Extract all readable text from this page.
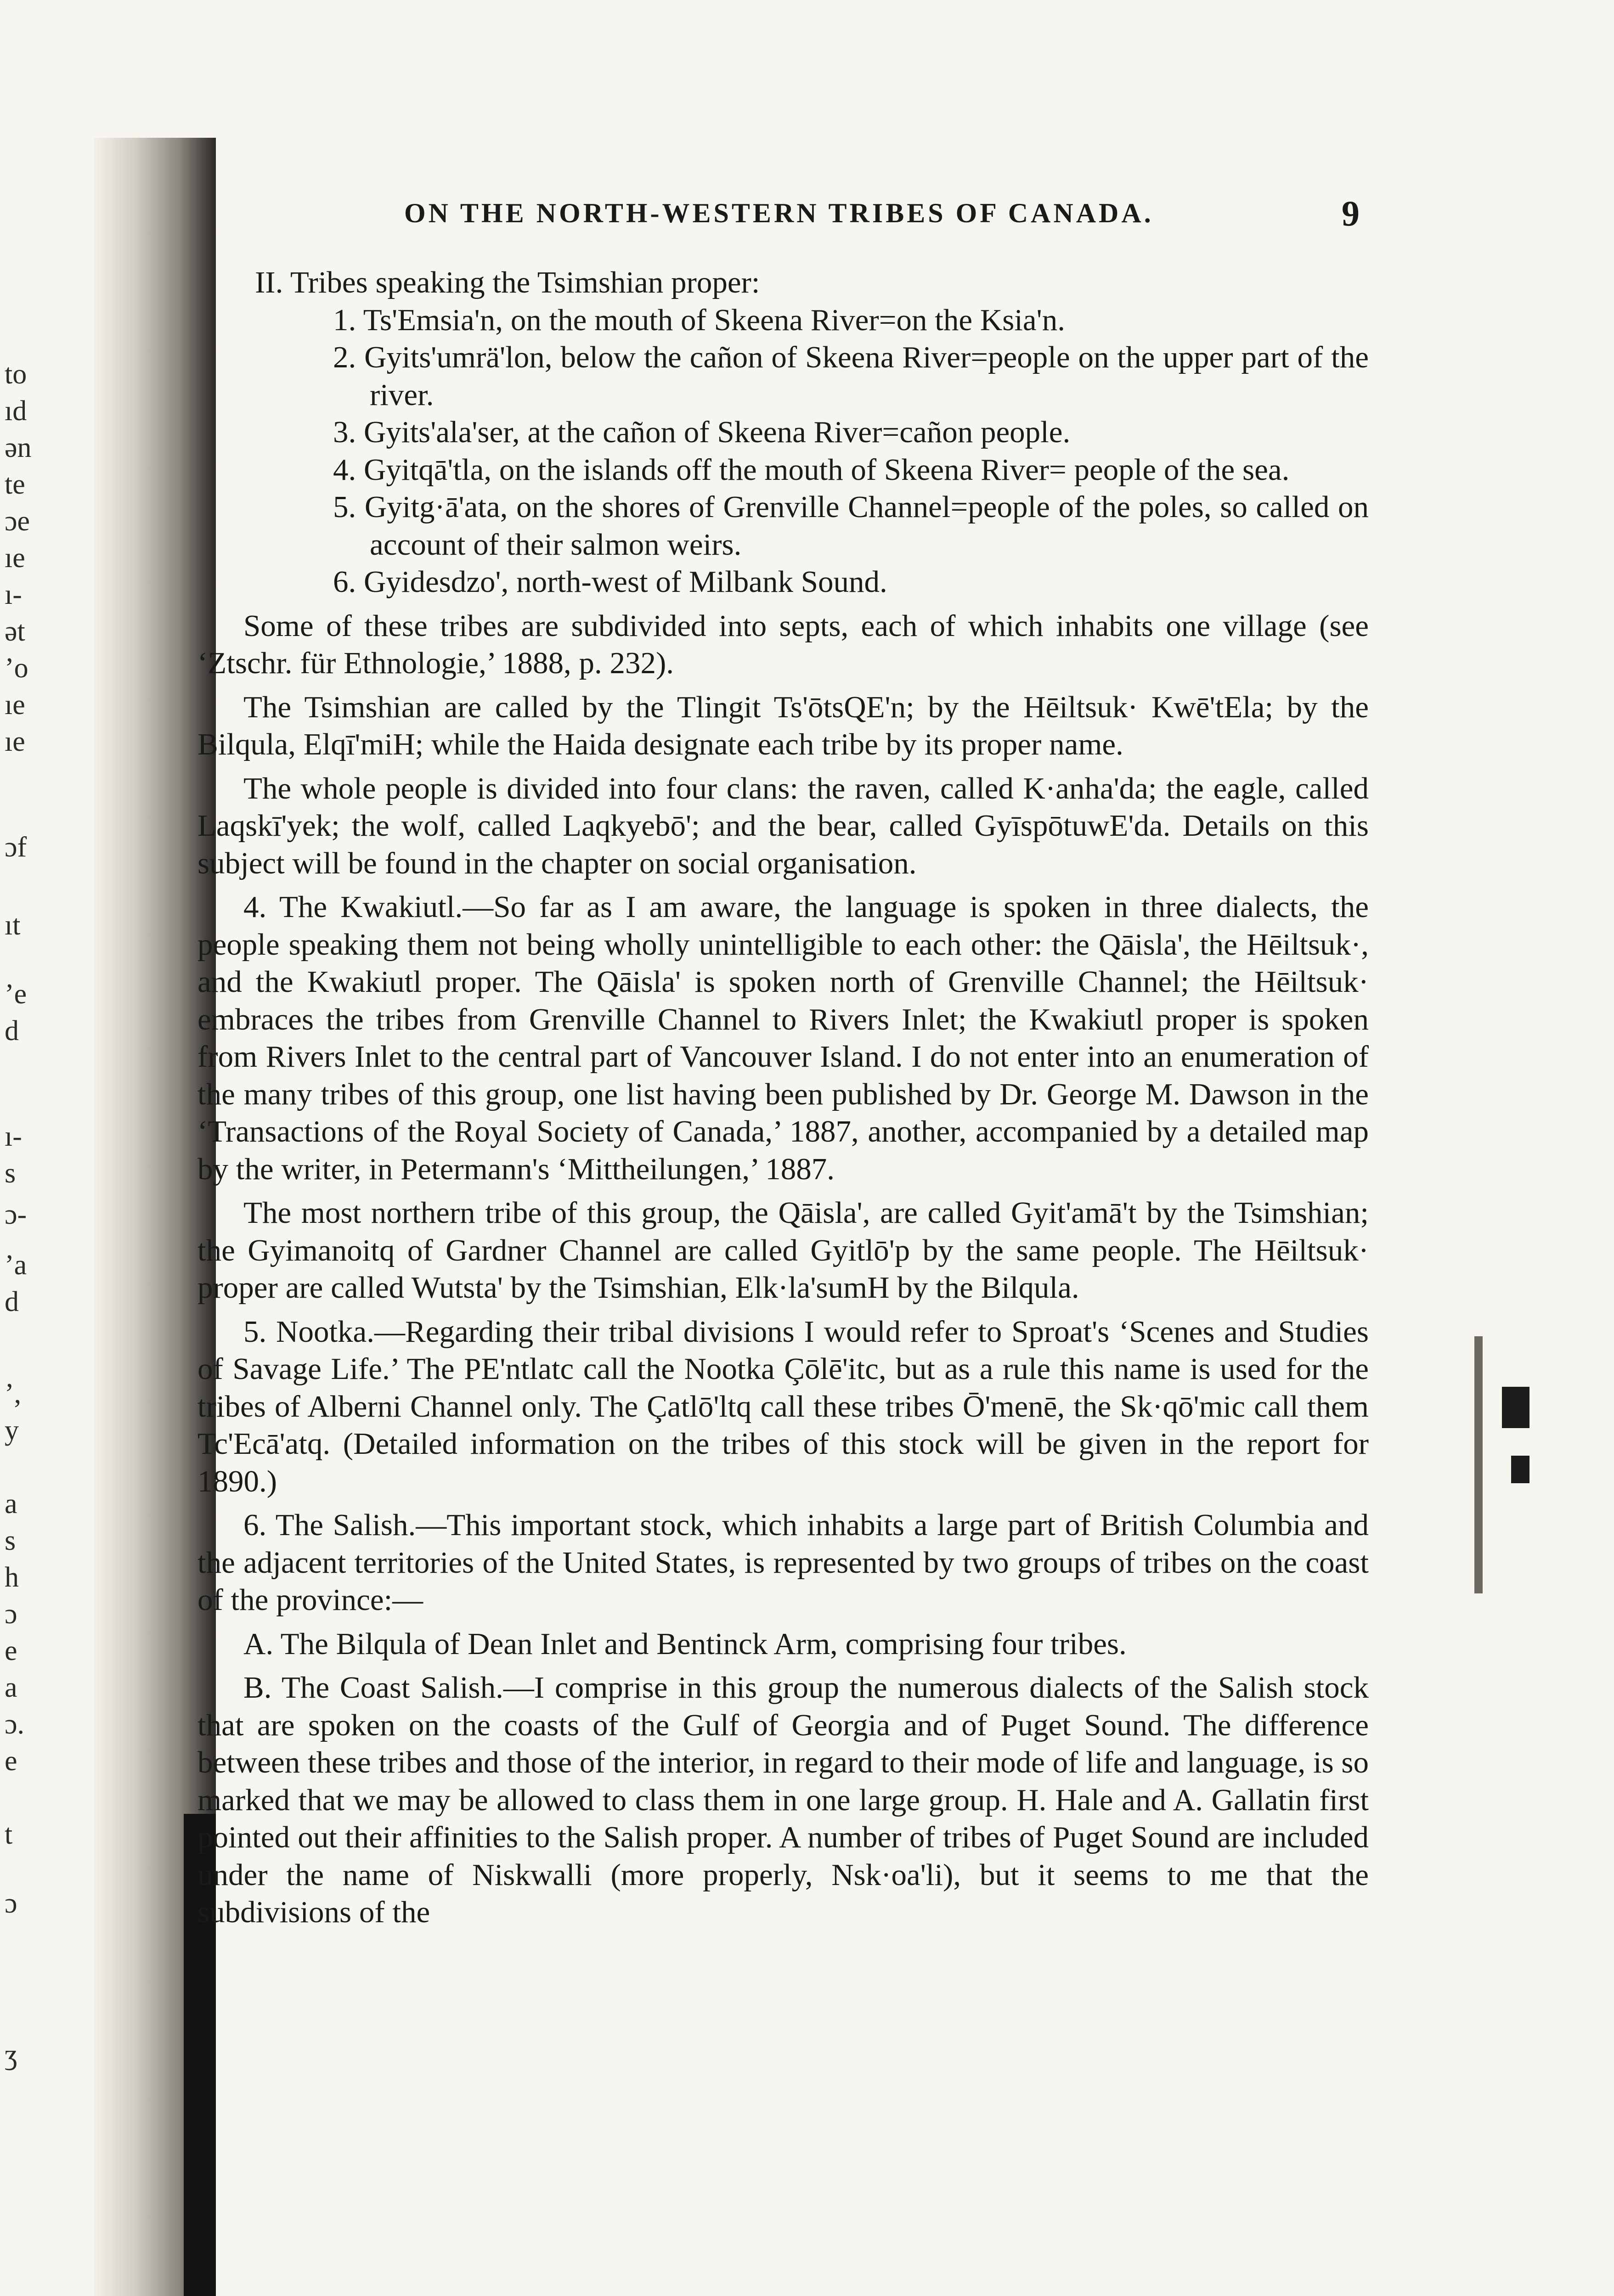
to
ıd
ən
te
ɔe
ıe
ı-
ət
ʼo
ıe
ıe
ɔf
ıt
ʼe
d
ı-
s
ɔ-
ʼa
d
ʼ,
y
a
s
h
ɔ
e
a
ɔ.
e
t
ɔ
ʒ
ON THE NORTH-WESTERN TRIBES OF CANADA.	9

II. Tribes speaking the Tsimshian proper:

1. Ts'Emsia'n, on the mouth of Skeena River=on the Ksia'n.

2. Gyits'umrä'lon, below the cañon of Skeena River=people on the upper part of the river.

3. Gyits'ala'ser, at the cañon of Skeena River=cañon people.

4. Gyitqā'tla, on the islands off the mouth of Skeena River= people of the sea.

5. Gyitg·ā'ata, on the shores of Grenville Channel=people of the poles, so called on account of their salmon weirs.

6. Gyidesdzo', north-west of Milbank Sound.

Some of these tribes are subdivided into septs, each of which inhabits one village (see ‘Ztschr. für Ethnologie,’ 1888, p. 232).

The Tsimshian are called by the Tlingit Ts'ōtsQE'n; by the Hēiltsuk· Kwē'tEla; by the Bilqula, Elqī'miH; while the Haida designate each tribe by its proper name.

The whole people is divided into four clans: the raven, called K·anha'da; the eagle, called Laqskī'yek; the wolf, called Laqkyebō'; and the bear, called GyīspōtuwE'da. Details on this subject will be found in the chapter on social organisation.

4. The Kwakiutl.—So far as I am aware, the language is spoken in three dialects, the people speaking them not being wholly unintelligible to each other: the Qāisla', the Hēiltsuk·, and the Kwakiutl proper. The Qāisla' is spoken north of Grenville Channel; the Hēiltsuk· embraces the tribes from Grenville Channel to Rivers Inlet; the Kwakiutl proper is spoken from Rivers Inlet to the central part of Vancouver Island. I do not enter into an enumeration of the many tribes of this group, one list having been published by Dr. George M. Dawson in the ‘Transactions of the Royal Society of Canada,’ 1887, another, accompanied by a detailed map by the writer, in Petermann's ‘Mittheilungen,’ 1887.

The most northern tribe of this group, the Qāisla', are called Gyit'amā't by the Tsimshian; the Gyimanoitq of Gardner Channel are called Gyitlō'p by the same people. The Hēiltsuk· proper are called Wutsta' by the Tsimshian, Elk·la'sumH by the Bilqula.

5. Nootka.—Regarding their tribal divisions I would refer to Sproat's ‘Scenes and Studies of Savage Life.’ The PE'ntlatc call the Nootka Çōlē'itc, but as a rule this name is used for the tribes of Alberni Channel only. The Çatlō'ltq call these tribes Ō'menē, the Sk·qō'mic call them Tc'Ecā'atq. (Detailed information on the tribes of this stock will be given in the report for 1890.)

6. The Salish.—This important stock, which inhabits a large part of British Columbia and the adjacent territories of the United States, is represented by two groups of tribes on the coast of the province:—

A. The Bilqula of Dean Inlet and Bentinck Arm, comprising four tribes.

B. The Coast Salish.—I comprise in this group the numerous dialects of the Salish stock that are spoken on the coasts of the Gulf of Georgia and of Puget Sound. The difference between these tribes and those of the interior, in regard to their mode of life and language, is so marked that we may be allowed to class them in one large group. H. Hale and A. Gallatin first pointed out their affinities to the Salish proper. A number of tribes of Puget Sound are included under the name of Niskwalli (more properly, Nsk·oa'li), but it seems to me that the subdivisions of the
